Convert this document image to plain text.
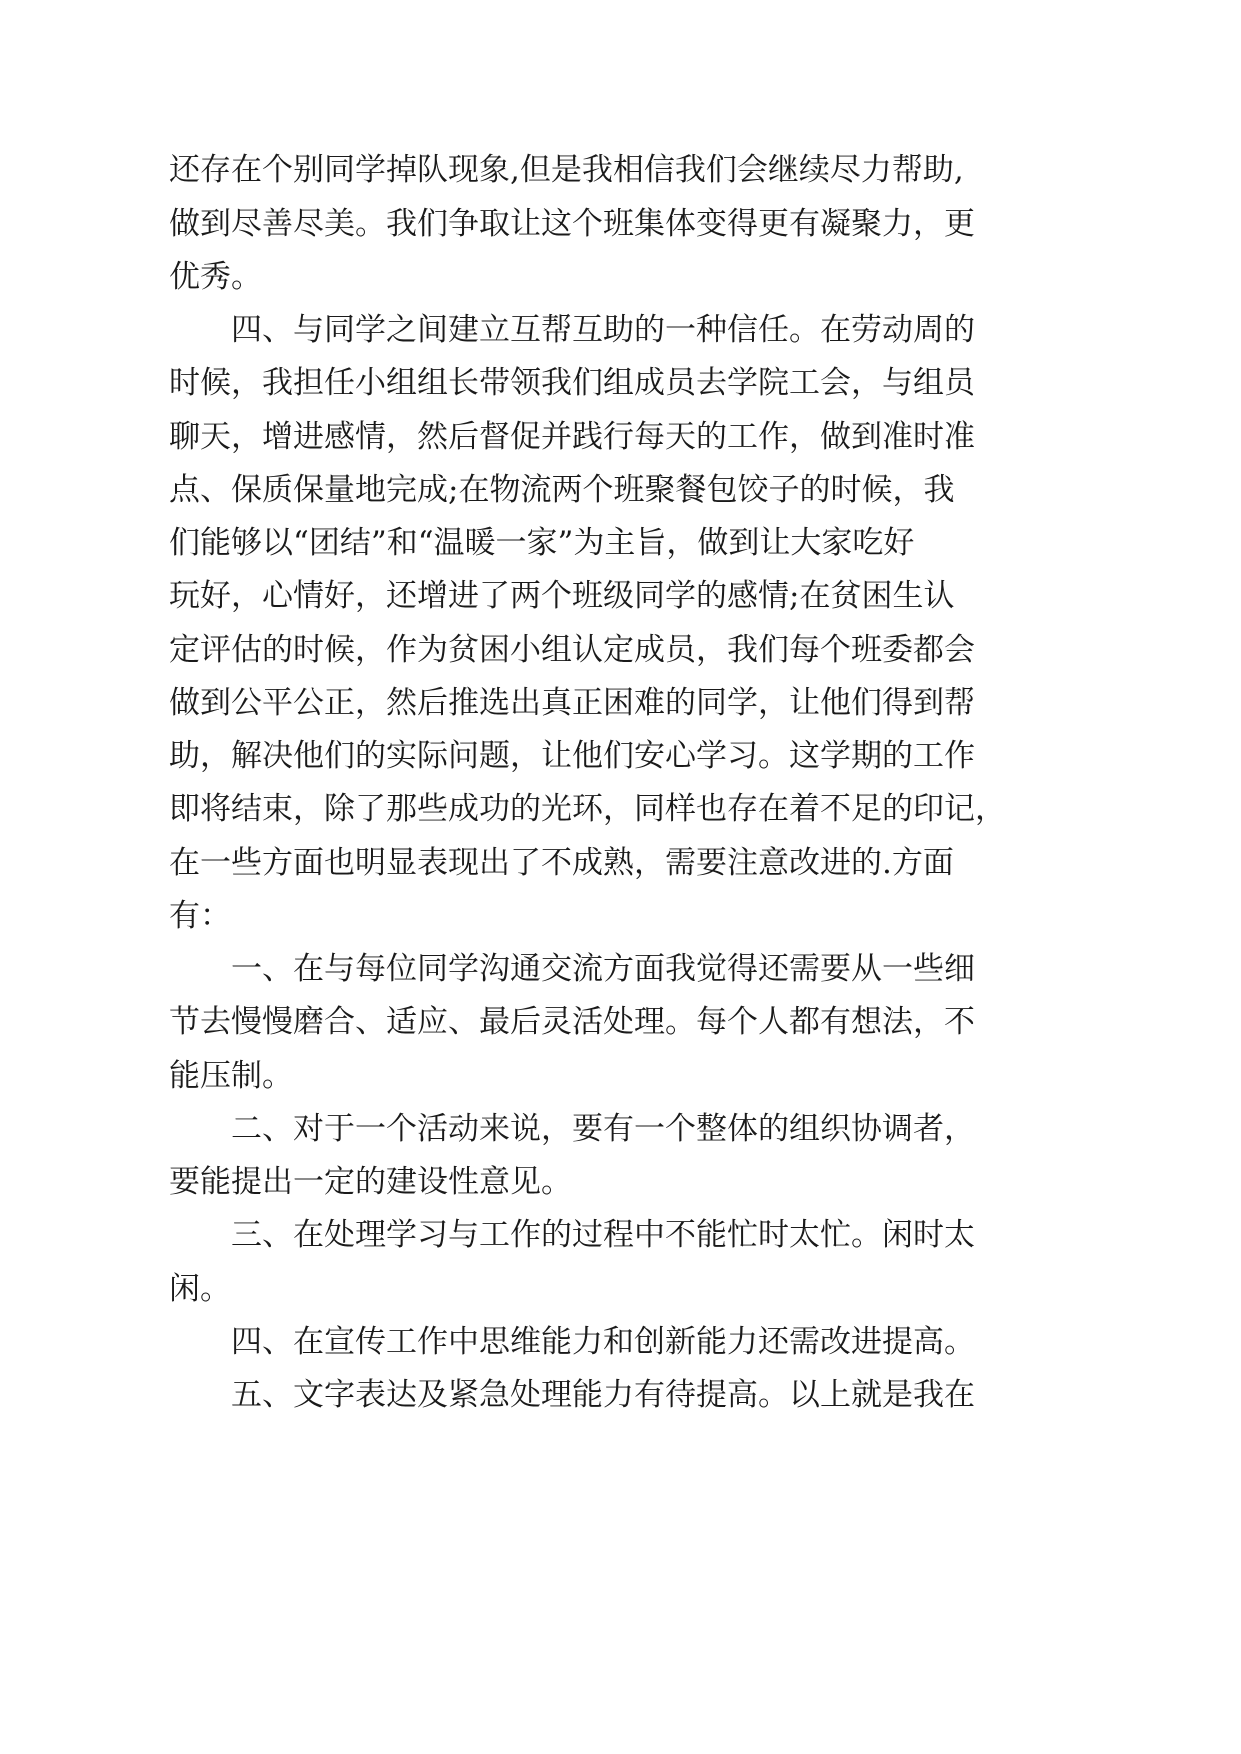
还存在个别同学掉队现象,但是我相信我们会继续尽力帮助,
做到尽善尽美。我们争取让这个班集体变得更有凝聚力，更
优秀。
四、与同学之间建立互帮互助的一种信任。在劳动周的
时候，我担任小组组长带领我们组成员去学院工会，与组员
聊天，增进感情，然后督促并践行每天的工作，做到准时准
点、保质保量地完成;在物流两个班聚餐包饺子的时候，我
们能够以“团结”和“温暖一家”为主旨，做到让大家吃好
玩好，心情好，还增进了两个班级同学的感情;在贫困生认
定评估的时候，作为贫困小组认定成员，我们每个班委都会
做到公平公正，然后推选出真正困难的同学，让他们得到帮
助，解决他们的实际问题，让他们安心学习。这学期的工作
即将结束，除了那些成功的光环，同样也存在着不足的印记，
在一些方面也明显表现出了不成熟，需要注意改进的.方面
有：
一、在与每位同学沟通交流方面我觉得还需要从一些细
节去慢慢磨合、适应、最后灵活处理。每个人都有想法，不
能压制。
二、对于一个活动来说，要有一个整体的组织协调者，
要能提出一定的建设性意见。
三、在处理学习与工作的过程中不能忙时太忙。闲时太
闲。
四、在宣传工作中思维能力和创新能力还需改进提高。
五、文字表达及紧急处理能力有待提高。以上就是我在
